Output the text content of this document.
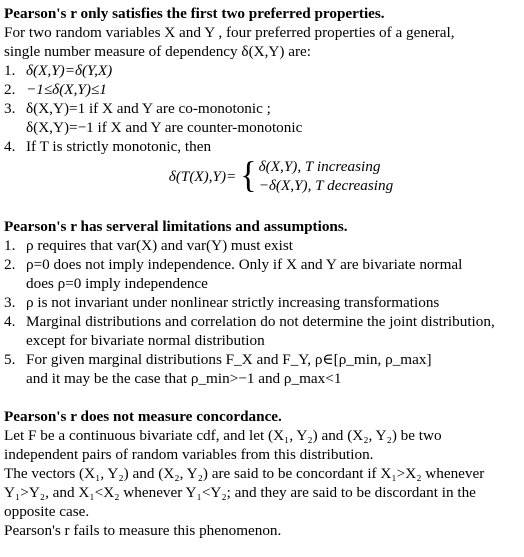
Pearson's r only satisfies the first two preferred properties.
For two random variables X and Y , four preferred properties of a general,
single number measure of dependency δ(X,Y) are:
1. δ(X,Y)=δ(Y,X)
2. −1≤δ(X,Y)≤1
3. δ(X,Y)=1 if X and Y are co-monotonic ;
δ(X,Y)=−1 if X and Y are counter-monotonic
4. If T is strictly monotonic, then
δ(T(X),Y)= { δ(X,Y), T increasing
−δ(X,Y), T decreasing
Pearson's r has serveral limitations and assumptions.
1. ρ requires that var(X) and var(Y) must exist
2. ρ=0 does not imply independence. Only if X and Y are bivariate normal
does ρ=0 imply independence
3. ρ is not invariant under nonlinear strictly increasing transformations
4. Marginal distributions and correlation do not determine the joint distribution,
except for bivariate normal distribution
5. For given marginal distributions F_X and F_Y, ρ∈[ρ_min, ρ_max]
and it may be the case that ρ_min>−1 and ρ_max<1
Pearson's r does not measure concordance.
Let F be a continuous bivariate cdf, and let (X₁, Y₂) and (X₂, Y₂) be two
independent pairs of random variables from this distribution.
The vectors (X₁, Y₂) and (X₂, Y₂) are said to be concordant if X₁>X₂ whenever
Y₁>Y₂, and X₁<X₂ whenever Y₁<Y₂; and they are said to be discordant in the
opposite case.
Pearson's r fails to measure this phenomenon.
